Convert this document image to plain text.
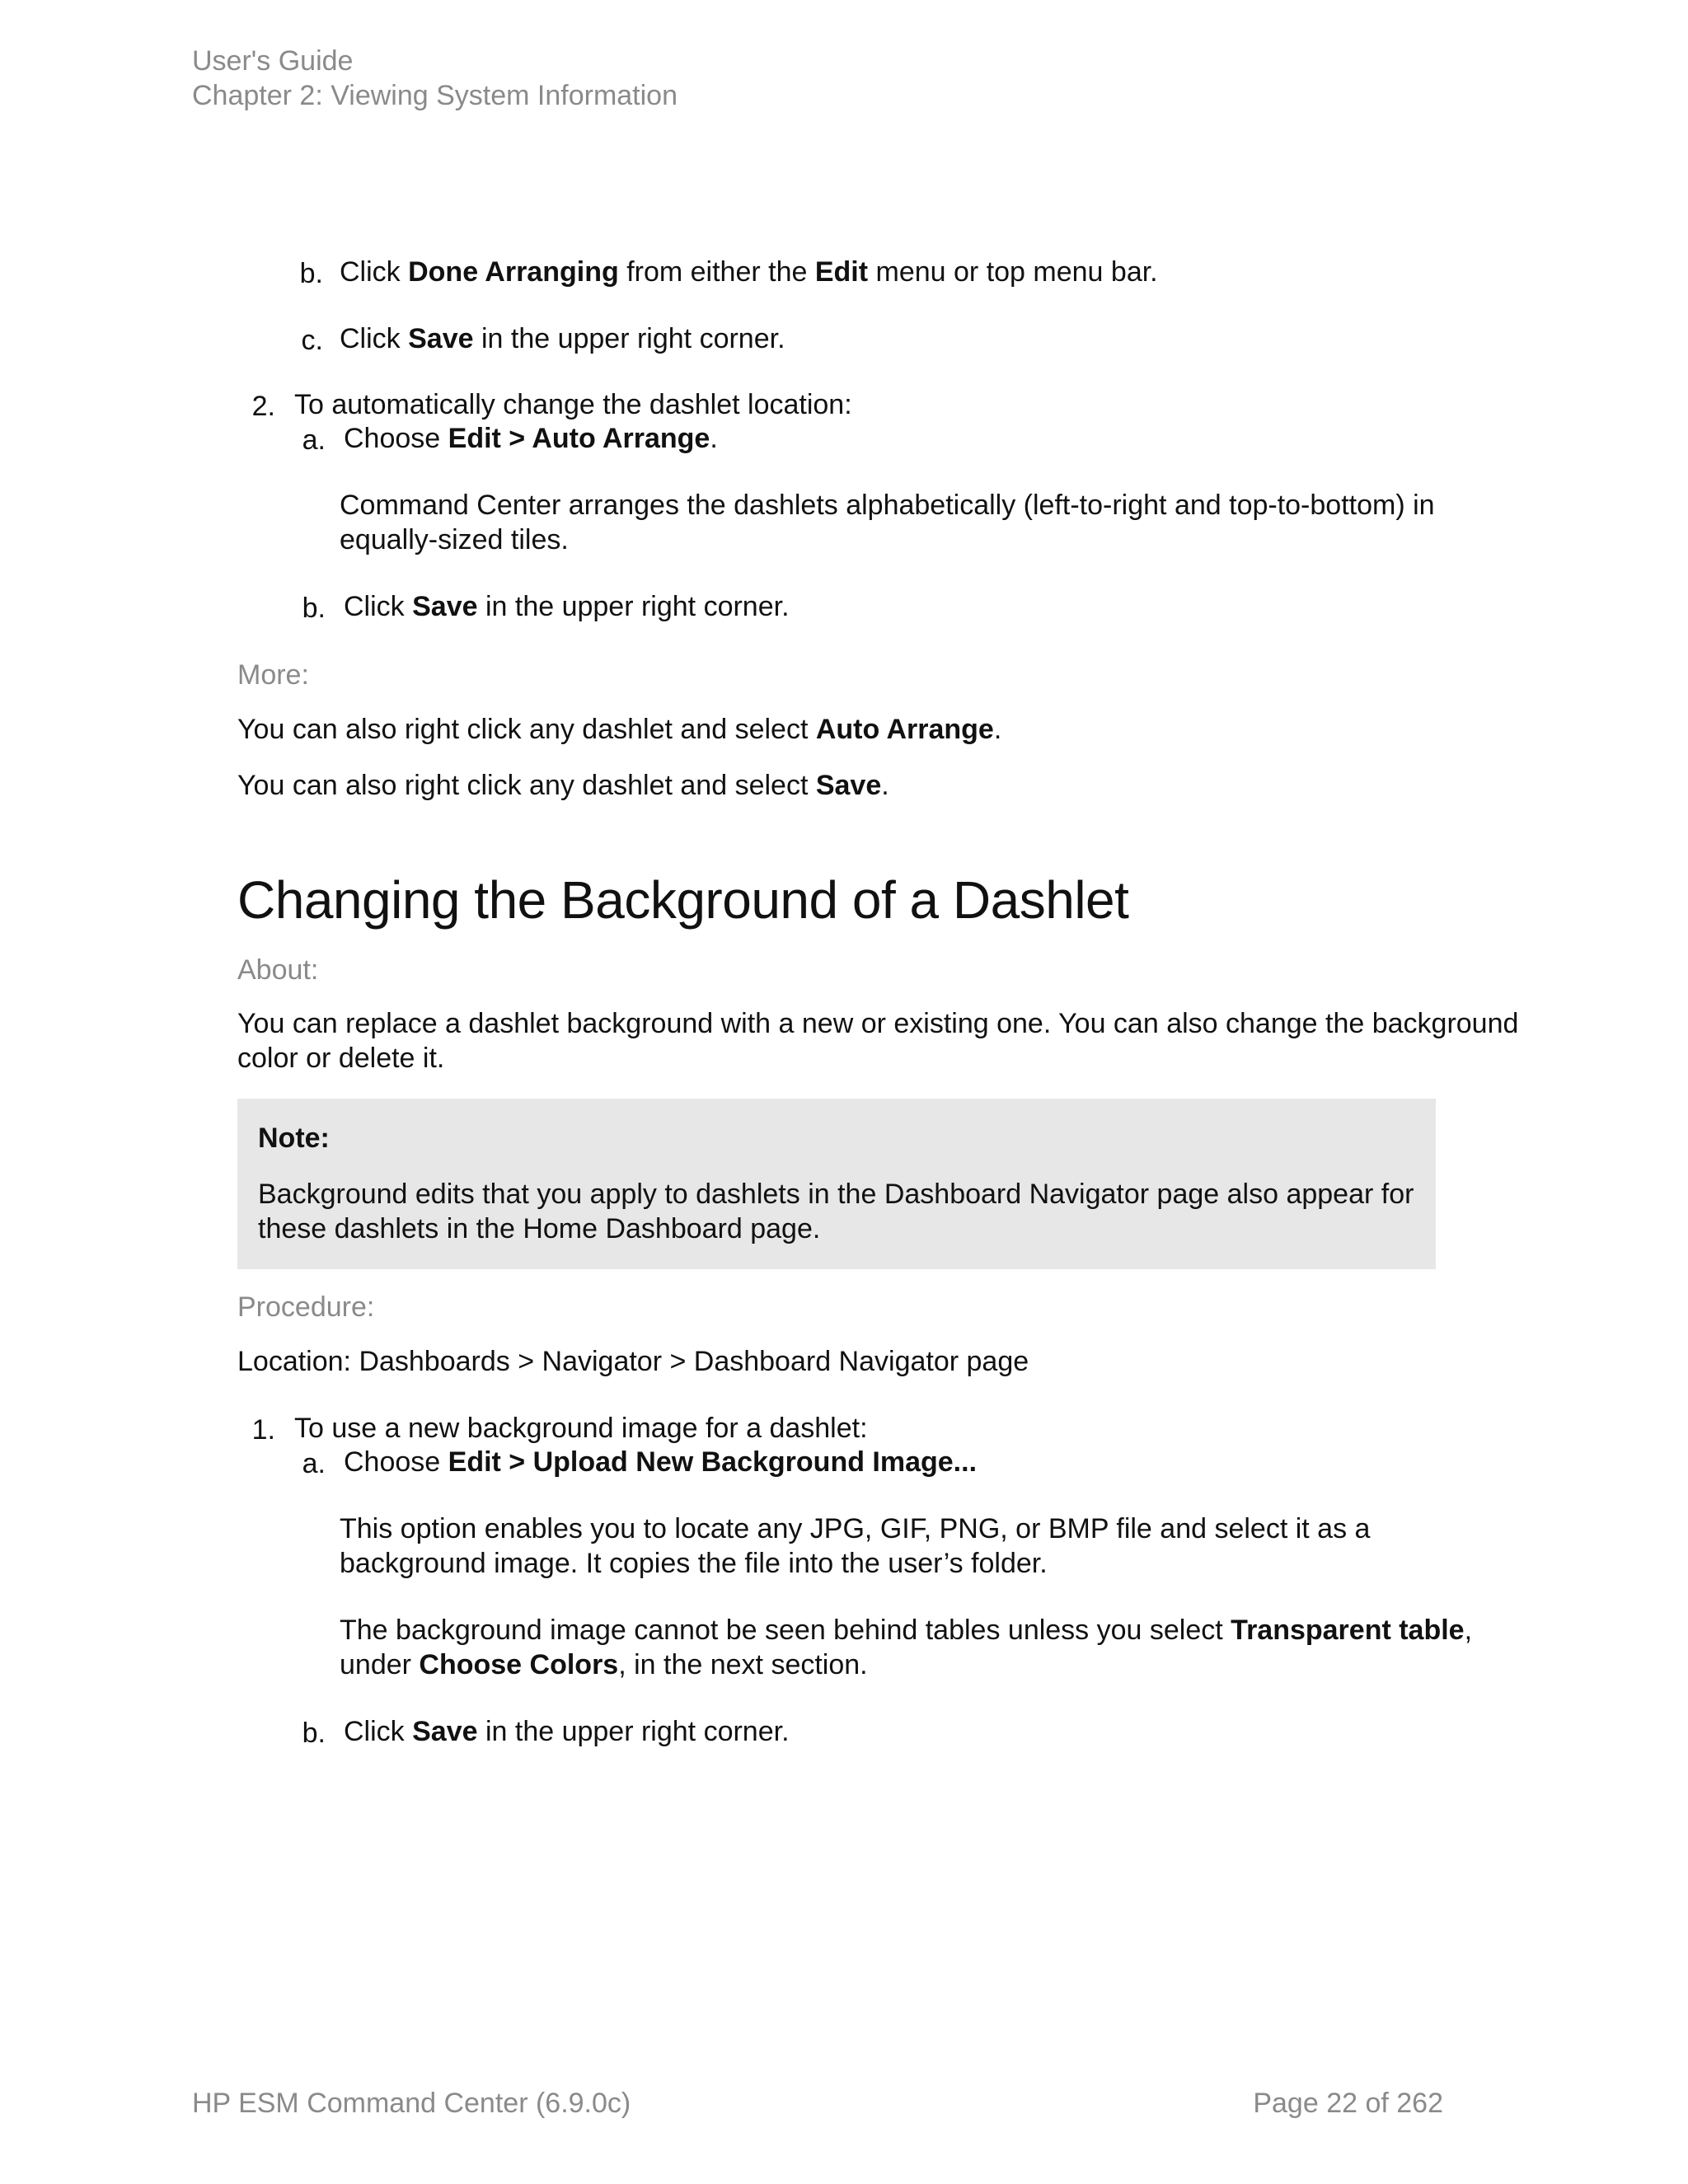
User's Guide
Chapter 2: Viewing System Information
b. Click Done Arranging from either the Edit menu or top menu bar.
c. Click Save in the upper right corner.
2. To automatically change the dashlet location:
a. Choose Edit > Auto Arrange.
Command Center arranges the dashlets alphabetically (left-to-right and top-to-bottom) in
equally-sized tiles.
b. Click Save in the upper right corner.
More:
You can also right click any dashlet and select Auto Arrange.
You can also right click any dashlet and select Save.
Changing the Background of a Dashlet
About:
You can replace a dashlet background with a new or existing one. You can also change the background
color or delete it.
Note:
Background edits that you apply to dashlets in the Dashboard Navigator page also appear for
these dashlets in the Home Dashboard page.
Procedure:
Location: Dashboards > Navigator > Dashboard Navigator page
1. To use a new background image for a dashlet:
a. Choose Edit > Upload New Background Image...
This option enables you to locate any JPG, GIF, PNG, or BMP file and select it as a
background image. It copies the file into the user’s folder.
The background image cannot be seen behind tables unless you select Transparent table,
under Choose Colors, in the next section.
b. Click Save in the upper right corner.
HP ESM Command Center (6.9.0c)	Page 22 of 262
